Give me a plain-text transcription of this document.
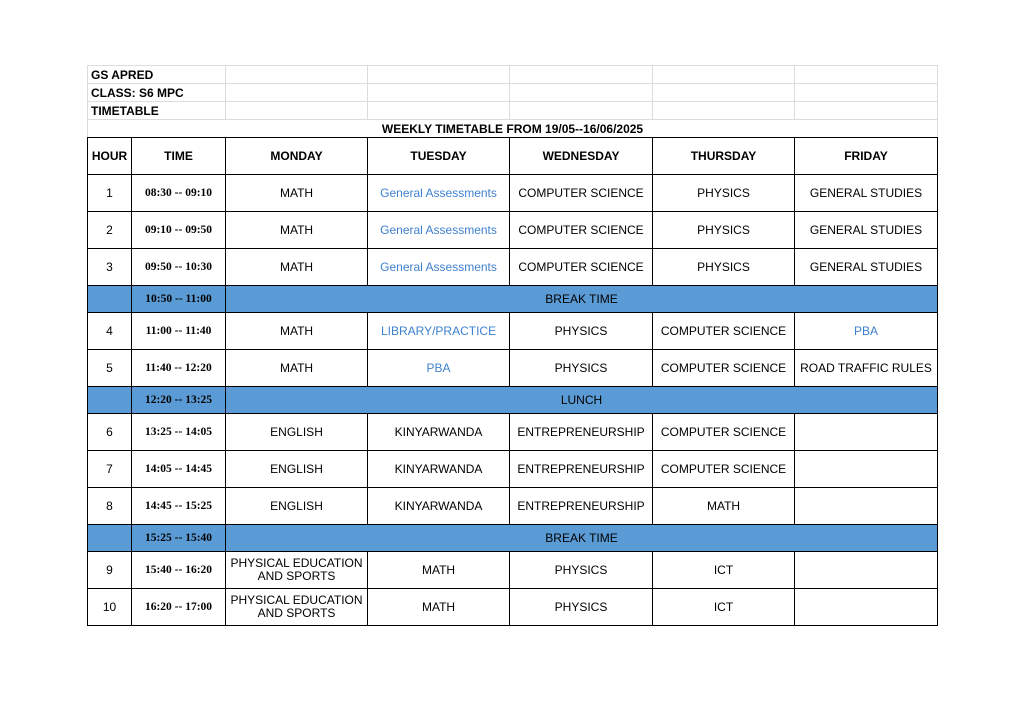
GS APRED						
CLASS: S6 MPC						
TIMETABLE						
WEEKLY TIMETABLE FROM 19/05--16/06/2025						
HOUR	TIME	MONDAY	TUESDAY	WEDNESDAY	THURSDAY	FRIDAY
1	08:30 -- 09:10	MATH	General Assessments	COMPUTER SCIENCE	PHYSICS	GENERAL STUDIES
2	09:10 -- 09:50	MATH	General Assessments	COMPUTER SCIENCE	PHYSICS	GENERAL STUDIES
3	09:50 -- 10:30	MATH	General Assessments	COMPUTER SCIENCE	PHYSICS	GENERAL STUDIES
	10:50 -- 11:00	BREAK TIME				
4	11:00 -- 11:40	MATH	LIBRARY/PRACTICE	PHYSICS	COMPUTER SCIENCE	PBA
5	11:40 -- 12:20	MATH	PBA	PHYSICS	COMPUTER SCIENCE	ROAD TRAFFIC RULES
	12:20 -- 13:25	LUNCH				
6	13:25 -- 14:05	ENGLISH	KINYARWANDA	ENTREPRENEURSHIP	COMPUTER SCIENCE	
7	14:05 -- 14:45	ENGLISH	KINYARWANDA	ENTREPRENEURSHIP	COMPUTER SCIENCE	
8	14:45 -- 15:25	ENGLISH	KINYARWANDA	ENTREPRENEURSHIP	MATH	
	15:25 -- 15:40	BREAK TIME				
9	15:40 -- 16:20	PHYSICAL EDUCATION AND SPORTS	MATH	PHYSICS	ICT	
10	16:20 -- 17:00	PHYSICAL EDUCATION AND SPORTS	MATH	PHYSICS	ICT	
